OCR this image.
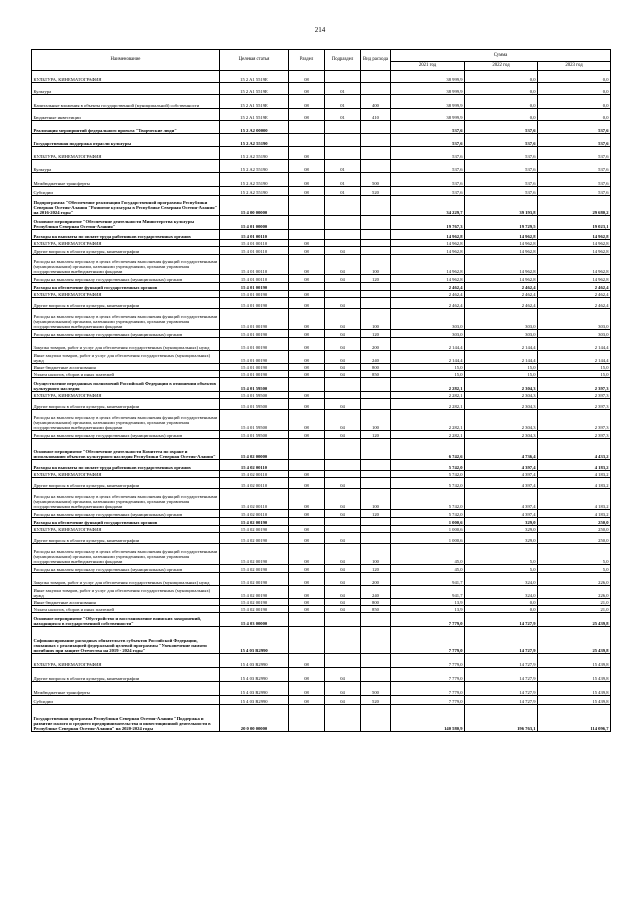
214
Наименование	Целевая статья	Раздел	Подраздел	Вид расхода	Сумма		
					2021 год	2022 год	2023 год
КУЛЬТУРА, КИНЕМАТОГРАФИЯ	15 2 A1 5519Е	08			38 999,9	0,0	0,0
Культура	15 2 A1 5519Е	08	01		38 999,9	0,0	0,0
Капитальные вложения в объекты государственной (муниципальной) собственности	15 2 A1 5519Е	08	01	400	38 999,9	0,0	0,0
Бюджетные инвестиции	15 2 A1 5519Е	08	01	410	38 999,9	0,0	0,0
Реализация мероприятий федерального проекта "Творческие люди"	15 2 A2 00000				537,6	537,6	537,6
Государственная поддержка отрасли культуры	15 2 A2 55190				537,6	537,6	537,6
КУЛЬТУРА, КИНЕМАТОГРАФИЯ	15 2 A2 55190	08			537,6	537,6	537,6
Культура	15 2 A2 55190	08	01		537,6	537,6	537,6
Межбюджетные трансферты	15 2 A2 55190	08	01	500	537,6	537,6	537,6
Субсидии	15 2 A2 55190	08	01	520	537,6	537,6	537,6
Подпрограмма "Обеспечение реализации Государственной программы Республики Северная Осетия-Алания "Развитие культуры в Республике Северная Осетия-Алания" на 2016-2024 годы"	15 4 00 00000				34 229,7	39 193,8	29 680,2
Основное мероприятие "Обеспечение деятельности Министерства культуры Республики Северная Осетия-Алания"	15 4 01 00000				19 767,3	19 729,5	19 023,1
Расходы на выплаты по оплате труда работников государственных органов	15 4 01 00110				14 962,8	14 962,8	14 962,8
КУЛЬТУРА, КИНЕМАТОГРАФИЯ	15 4 01 00110	08			14 962,8	14 962,8	14 962,8
Другие вопросы в области культуры, кинематографии	15 4 01 00110	08	04		14 962,8	14 962,8	14 962,8
Расходы на выплаты персоналу в целях обеспечения выполнения функций государственными (муниципальными) органами, казенными учреждениями, органами управления государственными внебюджетными фондами	15 4 01 00110	08	04	100	14 962,8	14 962,8	14 962,8
Расходы на выплаты персоналу государственных (муниципальных) органов	15 4 01 00110	08	04	120	14 962,8	14 962,8	14 962,8
Расходы на обеспечение функций государственных органов	15 4 01 00190				2 462,4	2 462,4	2 462,4
КУЛЬТУРА, КИНЕМАТОГРАФИЯ	15 4 01 00190	08			2 462,4	2 462,4	2 462,4
Другие вопросы в области культуры, кинематографии	15 4 01 00190	08	04		2 462,4	2 462,4	2 462,4
Расходы на выплаты персоналу в целях обеспечения выполнения функций государственными (муниципальными) органами, казенными учреждениями, органами управления государственными внебюджетными фондами	15 4 01 00190	08	04	100	303,0	303,0	303,0
Расходы на выплаты персоналу государственных (муниципальных) органов	15 4 01 00190	08	04	120	303,0	303,0	303,0
Закупка товаров, работ и услуг для обеспечения государственных (муниципальных) нужд	15 4 01 00190	08	04	200	2 144,4	2 144,4	2 144,4
Иные закупки товаров, работ и услуг для обеспечения государственных (муниципальных) нужд	15 4 01 00190	08	04	240	2 144,4	2 144,4	2 144,4
Иные бюджетные ассигнования	15 4 01 00190	08	04	800	15,0	15,0	15,0
Уплата налогов, сборов и иных платежей	15 4 01 00190	08	04	850	15,0	15,0	15,0
Осуществление переданных полномочий Российской Федерации в отношении объектов культурного наследия	15 4 01 59500				2 282,1	2 304,3	2 397,3
КУЛЬТУРА, КИНЕМАТОГРАФИЯ	15 4 01 59500	08			2 282,1	2 304,3	2 397,3
Другие вопросы в области культуры, кинематографии	15 4 01 59500	08	04		2 282,1	2 304,3	2 397,3
Расходы на выплаты персоналу в целях обеспечения выполнения функций государственными (муниципальными) органами, казенными учреждениями, органами управления государственными внебюджетными фондами	15 4 01 59500	08	04	100	2 282,1	2 304,3	2 397,3
Расходы на выплаты персоналу государственных (муниципальных) органов	15 4 01 59500	08	04	120	2 282,1	2 304,3	2 397,3
Основное мероприятие "Обеспечение деятельности Комитета по охране и использованию объектов культурного наследия Республики Северная Осетия-Алания"	15 4 02 00000				6 742,6	4 736,4	4 433,2
Расходы на выплаты по оплате труда работников государственных органов	15 4 02 00110				5 742,0	4 397,4	4 183,2
КУЛЬТУРА, КИНЕМАТОГРАФИЯ	15 4 02 00110	08			5 742,0	4 397,4	4 183,2
Другие вопросы в области культуры, кинематографии	15 4 02 00110	08	04		5 742,0	4 397,4	4 183,2
Расходы на выплаты персоналу в целях обеспечения выполнения функций государственными (муниципальными) органами, казенными учреждениями, органами управления государственными внебюджетными фондами	15 4 02 00110	08	04	100	5 742,0	4 397,4	4 183,2
Расходы на выплаты персоналу государственных (муниципальных) органов	15 4 02 00110	08	04	120	5 742,0	4 397,4	4 183,2
Расходы на обеспечение функций государственных органов	15 4 02 00190				1 000,6	329,0	250,0
КУЛЬТУРА, КИНЕМАТОГРАФИЯ	15 4 02 00190	08			1 000,6	329,0	250,0
Другие вопросы в области культуры, кинематографии	15 4 02 00190	08	04		1 000,6	329,0	250,0
Расходы на выплаты персоналу в целях обеспечения выполнения функций государственными (муниципальными) органами, казенными учреждениями, органами управления государственными внебюджетными фондами	15 4 02 00190	08	04	100	45,0	5,0	5,0
Расходы на выплаты персоналу государственных (муниципальных) органов	15 4 02 00190	08	04	120	45,0	5,0	5,0
Закупка товаров, работ и услуг для обеспечения государственных (муниципальных) нужд	15 4 02 00190	08	04	200	941,7	324,0	226,0
Иные закупки товаров, работ и услуг для обеспечения государственных (муниципальных) нужд	15 4 02 00190	08	04	240	941,7	324,0	226,0
Иные бюджетные ассигнования	15 4 02 00190	08	04	800	13,9	0,0	21,0
Уплата налогов, сборов и иных платежей	15 4 02 00190	08	04	850	13,9	0,0	21,0
Основное мероприятие "Обустройство и восстановление воинских захоронений, находящихся в государственной собственности"	15 4 03 00000				7 779,0	14 727,9	25 439,8
Софинансирование расходных обязательств субъектов Российской Федерации, связанных с реализацией федеральной целевой программы "Увековечение памяти погибших при защите Отечества на 2019 - 2024 годы"	15 4 03 R2990				7 779,0	14 727,9	25 439,8
КУЛЬТУРА, КИНЕМАТОГРАФИЯ	15 4 03 R2990	08			7 779,0	14 727,9	15 439,8
Другие вопросы в области культуры, кинематографии	15 4 03 R2990	08	04		7 779,0	14 727,9	15 439,8
Межбюджетные трансферты	15 4 03 R2990	08	04	500	7 779,0	14 727,9	15 439,8
Субсидии	15 4 03 R2990	08	04	520	7 779,0	14 727,9	15 439,8
Государственная программа Республики Северная Осетия-Алания "Поддержка и развитие малого и среднего предпринимательства и инвестиционной деятельности в Республике Северная Осетия-Алания" на 2020-2024 годы	20 0 00 00000				140 580,9	196 763,1	114 096,7
